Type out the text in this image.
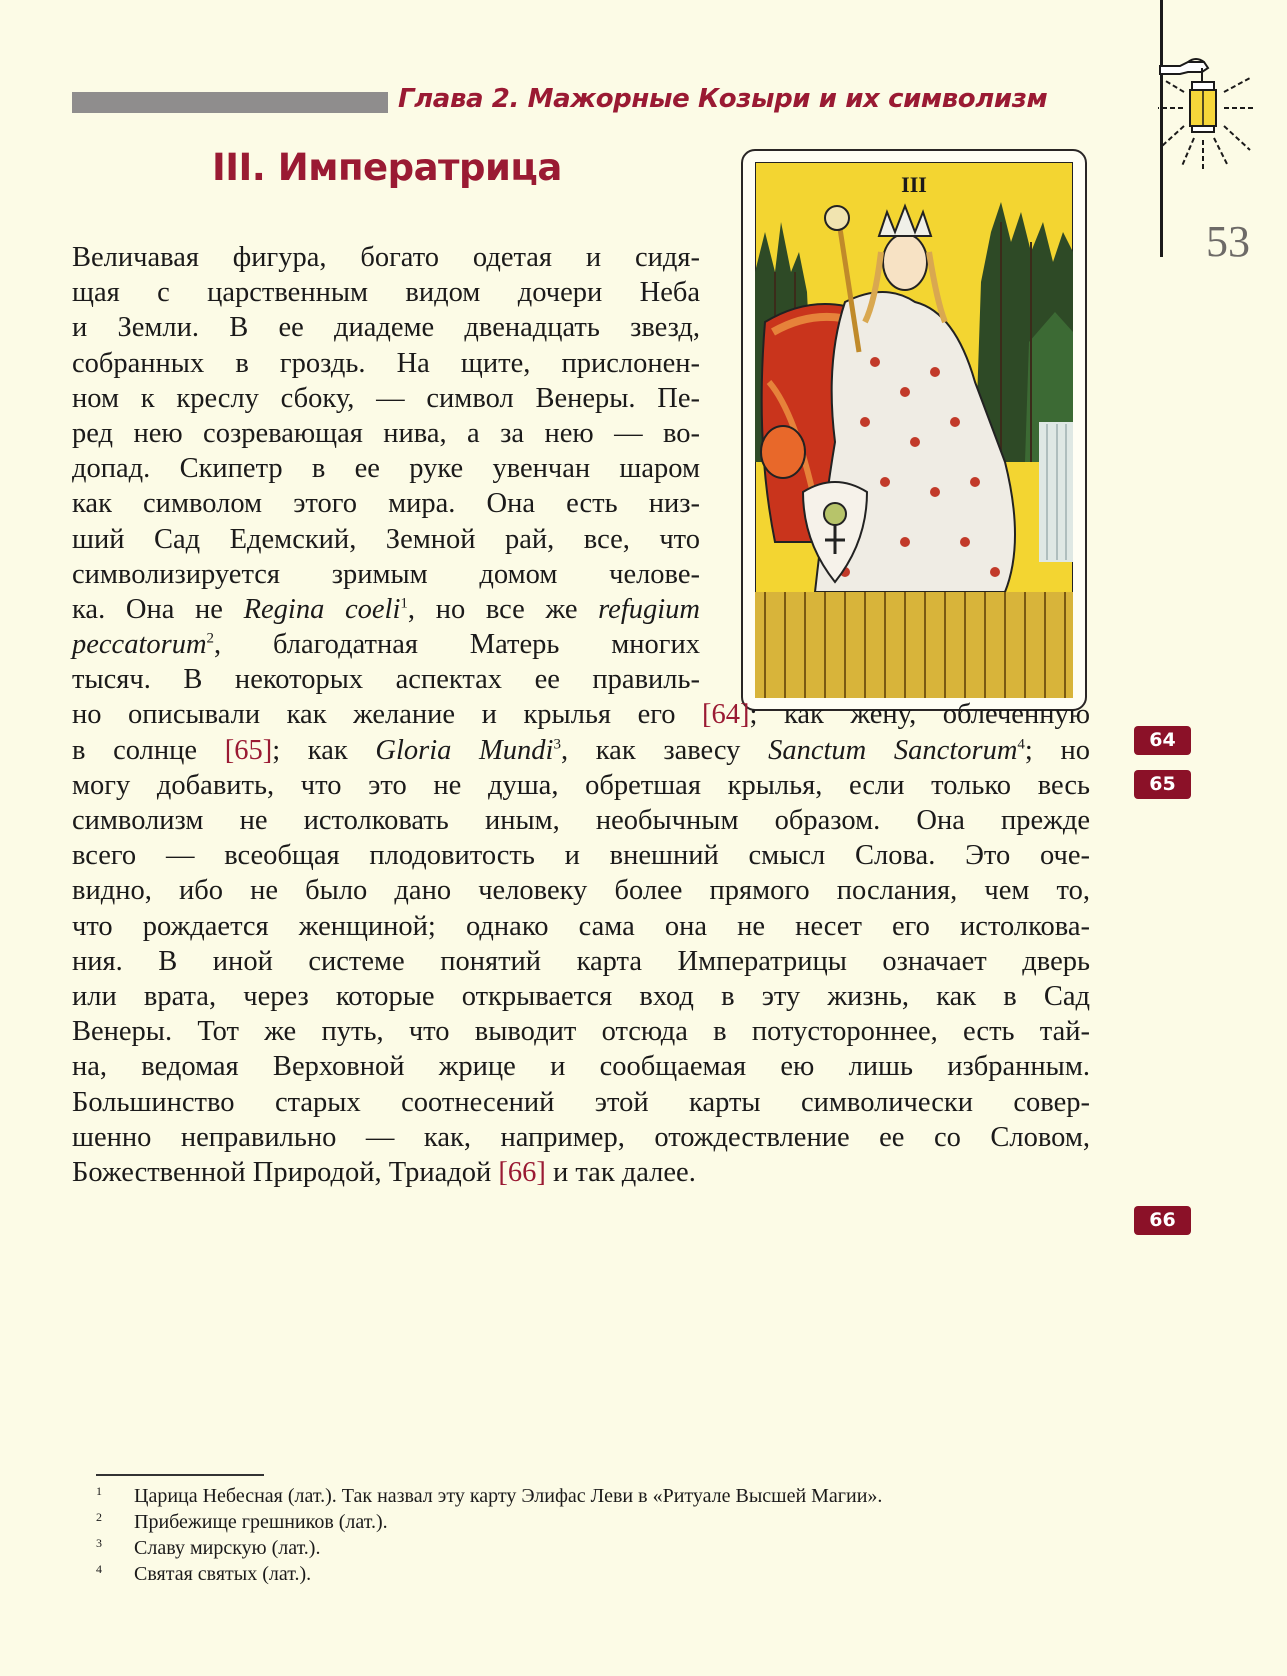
Глава 2. Мажорные Козыри и их символизм
III. Императрица
53
III
Величавая фигура, богато одетая и сидя-
щая с царственным видом дочери Неба
и Земли. В ее диадеме двенадцать звезд,
собранных в гроздь. На щите, прислонен-
ном к креслу сбоку, — символ Венеры. Пе-
ред нею созревающая нива, а за нею — во-
допад. Скипетр в ее руке увенчан шаром
как символом этого мира. Она есть низ-
ший Сад Едемский, Земной рай, все, что
символизируется зримым домом челове-
ка. Она не Regina coeli$^1$, но все же refugium
peccatorum$^2$, благодатная Матерь многих
тысяч. В некоторых аспектах ее правиль-
но описывали как желание и крылья его [64]; как жену, облеченную
в солнце [65]; как Gloria Mundi$^3$, как завесу Sanctum Sanctorum$^4$; но
могу добавить, что это не душа, обретшая крылья, если только весь
символизм не истолковать иным, необычным образом. Она прежде
всего — всеобщая плодовитость и внешний смысл Слова. Это оче-
видно, ибо не было дано человеку более прямого послания, чем то,
что рождается женщиной; однако сама она не несет его истолкова-
ния. В иной системе понятий карта Императрицы означает дверь
или врата, через которые открывается вход в эту жизнь, как в Сад
Венеры. Тот же путь, что выводит отсюда в потустороннее, есть тай-
на, ведомая Верховной жрице и сообщаемая ею лишь избранным.
Большинство старых соотнесений этой карты символически совер-
шенно неправильно — как, например, отождествление ее со Словом,
Божественной Природой, Триадой [66] и так далее.
64
65
66
1 Царица Небесная (лат.). Так назвал эту карту Элифас Леви в «Ритуале Высшей Магии».
2 Прибежище грешников (лат.).
3 Славу мирскую (лат.).
4 Святая святых (лат.).
